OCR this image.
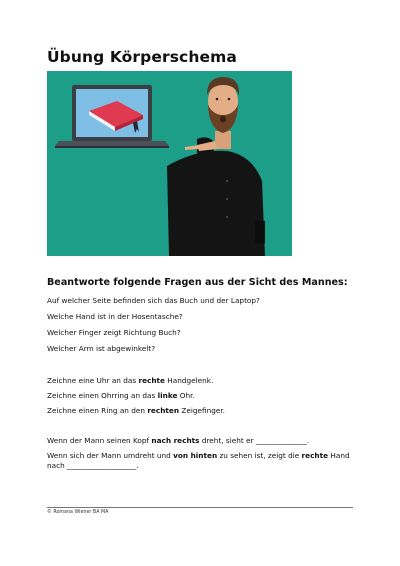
Übung Körperschema
Beantworte folgende Fragen aus der Sicht des Mannes:
Auf welcher Seite befinden sich das Buch und der Laptop?
Welche Hand ist in der Hosentasche?
Welcher Finger zeigt Richtung Buch?
Welcher Arm ist abgewinkelt?
Zeichne eine Uhr an das rechte Handgelenk.
Zeichne einen Ohrring an das linke Ohr.
Zeichne einen Ring an den rechten Zeigefinger.
Wenn der Mann seinen Kopf nach rechts dreht, sieht er ______________.
Wenn sich der Mann umdreht und von hinten zu sehen ist, zeigt die rechte Hand nach ___________________.
© Romana Wiener BA MA
